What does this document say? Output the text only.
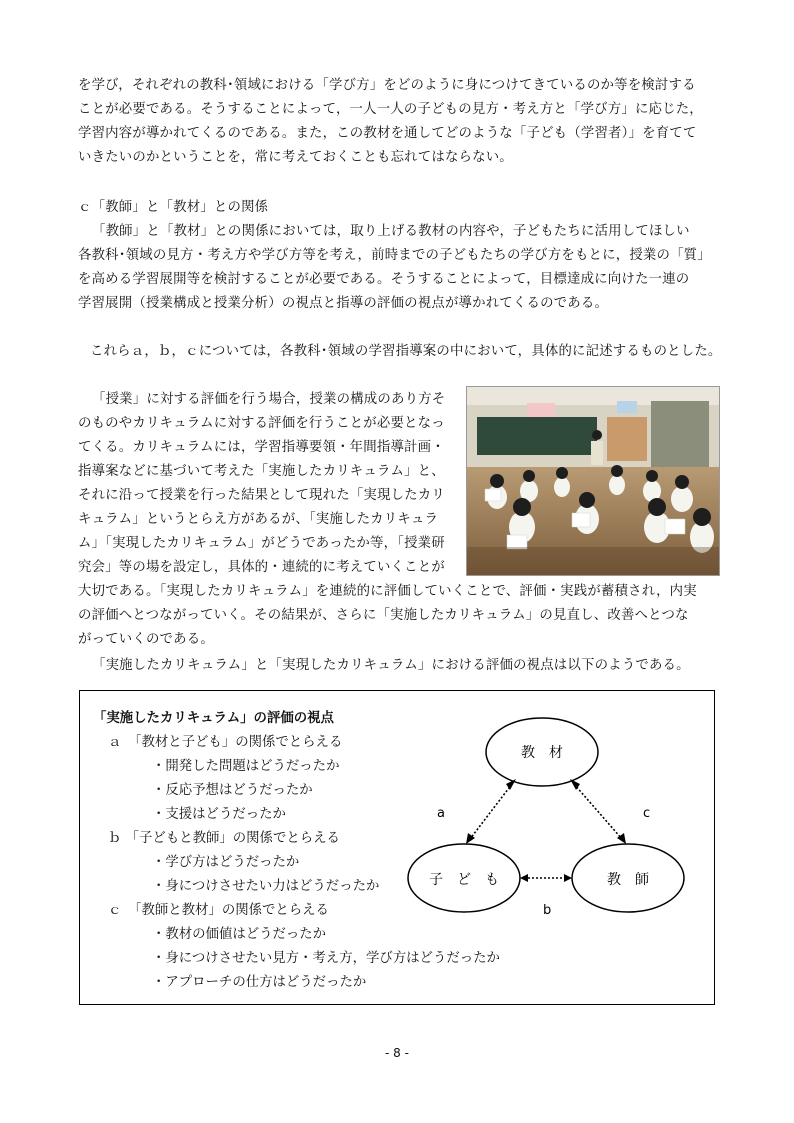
を学び，それぞれの教科･領域における「学び方」をどのように身につけてきているのか等を検討する
ことが必要である。そうすることによって，一人一人の子どもの見方・考え方と「学び方」に応じた，
学習内容が導かれてくるのである。また，この教材を通してどのような「子ども（学習者）」を育てて
いきたいのかということを，常に考えておくことも忘れてはならない。
ｃ「教師」と「教材」との関係
「教師」と「教材」との関係においては，取り上げる教材の内容や，子どもたちに活用してほしい
各教科･領域の見方・考え方や学び方等を考え，前時までの子どもたちの学び方をもとに，授業の「質」
を高める学習展開等を検討することが必要である。そうすることによって，目標達成に向けた一連の
学習展開（授業構成と授業分析）の視点と指導の評価の視点が導かれてくるのである。
これらａ，ｂ，ｃについては，各教科･領域の学習指導案の中において，具体的に記述するものとした。
「授業」に対する評価を行う場合，授業の構成のあり方そ
のものやカリキュラムに対する評価を行うことが必要となっ
てくる。カリキュラムには，学習指導要領・年間指導計画・
指導案などに基づいて考えた「実施したカリキュラム」と、
それに沿って授業を行った結果として現れた「実現したカリ
キュラム」というとらえ方があるが、「実施したカリキュラ
ム」「実現したカリキュラム」がどうであったか等，「授業研
究会」等の場を設定し，具体的・連続的に考えていくことが
大切である。「実現したカリキュラム」を連続的に評価していくことで、評価・実践が蓄積され，内実
の評価へとつながっていく。その結果が、さらに「実施したカリキュラム」の見直し、改善へとつな
がっていくのである。
「実施したカリキュラム」と「実現したカリキュラム」における評価の視点は以下のようである。
「実施したカリキュラム」の評価の視点
ａ　「教材と子ども」の関係でとらえる
・開発した問題はどうだったか
・反応予想はどうだったか
・支援はどうだったか
ｂ 「子どもと教師」の関係でとらえる
・学び方はどうだったか
・身につけさせたい力はどうだったか
ｃ　「教師と教材」の関係でとらえる
・教材の価値はどうだったか
・身につけさせたい見方・考え方，学び方はどうだったか
・アプローチの仕方はどうだったか
教　材
子　ど　も	教　師
a	c
b
- 8 -
